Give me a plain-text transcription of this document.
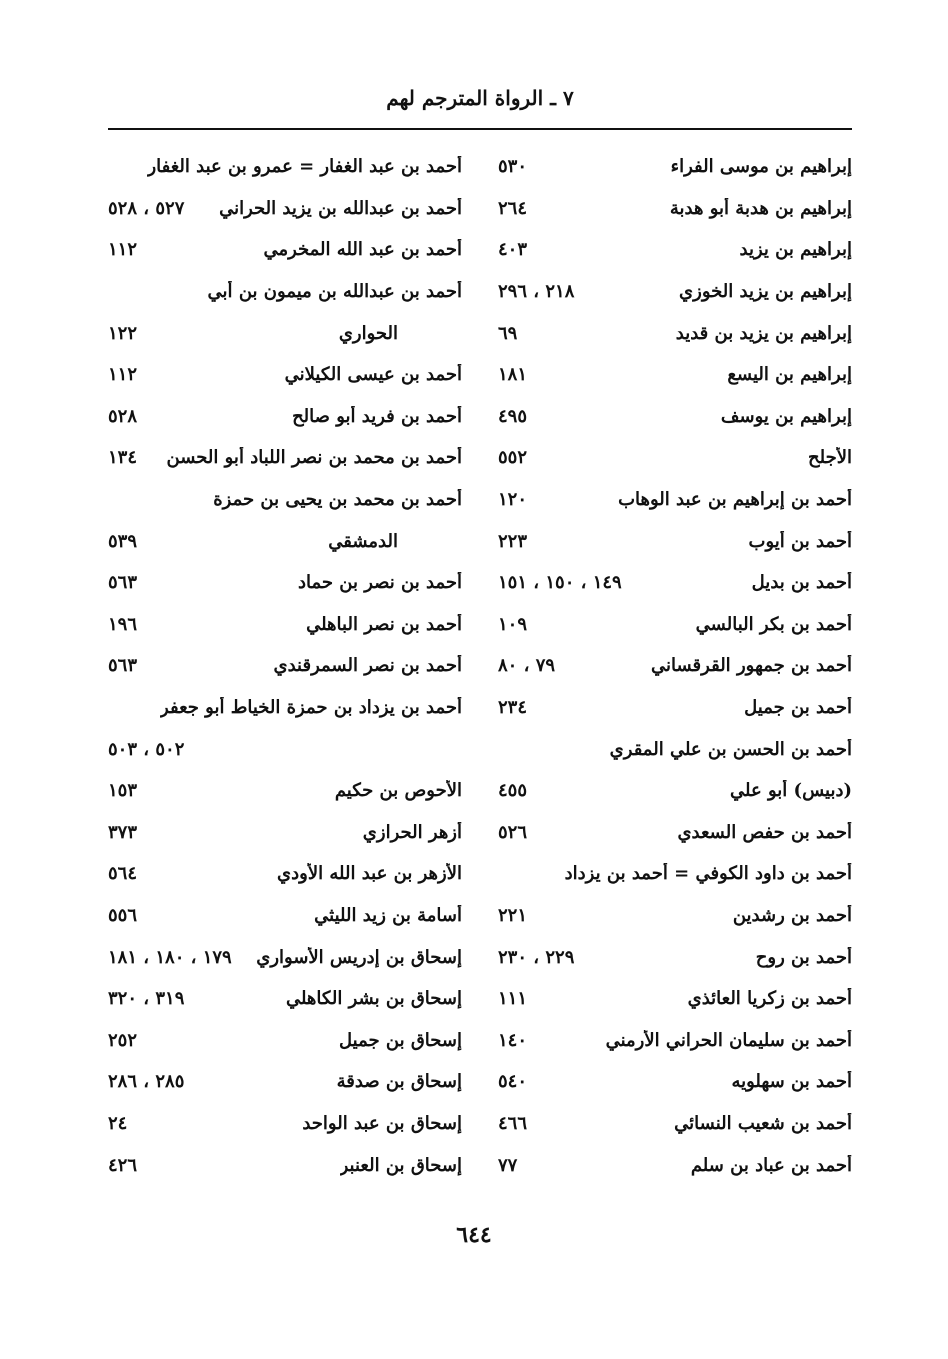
٧ ـ الرواة المترجم لهم
إبراهيم بن موسى الفراء
٥٣٠
إبراهيم بن هدبة أبو هدبة
٢٦٤
إبراهيم بن يزيد
٤٠٣
إبراهيم بن يزيد الخوزي
٢١٨ ، ٢٩٦
إبراهيم بن يزيد بن قديد
٦٩
إبراهيم بن اليسع
١٨١
إبراهيم بن يوسف
٤٩٥
الأجلح
٥٥٢
أحمد بن إبراهيم بن عبد الوهاب
١٢٠
أحمد بن أيوب
٢٢٣
أحمد بن بديل
١٤٩ ، ١٥٠ ، ١٥١
أحمد بن بكر البالسي
١٠٩
أحمد بن جمهور القرقساني
٧٩ ، ٨٠
أحمد بن جميل
٢٣٤
أحمد بن الحسن بن علي المقري
(دبيس) أبو علي
٤٥٥
أحمد بن حفص السعدي
٥٢٦
أحمد بن داود الكوفي = أحمد بن يزداد
أحمد بن رشدين
٢٢١
أحمد بن روح
٢٢٩ ، ٢٣٠
أحمد بن زكريا العائذي
١١١
أحمد بن سليمان الحراني الأرمني
١٤٠
أحمد بن سهلويه
٥٤٠
أحمد بن شعيب النسائي
٤٦٦
أحمد بن عباد بن سلم
٧٧
أحمد بن عبد الغفار = عمرو بن عبد الغفار
أحمد بن عبدالله بن يزيد الحراني
٥٢٧ ، ٥٢٨
أحمد بن عبد الله المخرمي
١١٢
أحمد بن عبدالله بن ميمون بن أبي
الحواري
١٢٢
أحمد بن عيسى الكيلاني
١١٢
أحمد بن فريد أبو صالح
٥٢٨
أحمد بن محمد بن نصر اللباد أبو الحسن
١٣٤
أحمد بن محمد بن يحيى بن حمزة
الدمشقي
٥٣٩
أحمد بن نصر بن حماد
٥٦٣
أحمد بن نصر الباهلي
١٩٦
أحمد بن نصر السمرقندي
٥٦٣
أحمد بن يزداد بن حمزة الخياط أبو جعفر
٥٠٢ ، ٥٠٣
الأحوص بن حكيم
١٥٣
أزهر الحرازي
٣٧٣
الأزهر بن عبد الله الأودي
٥٦٤
أسامة بن زيد الليثي
٥٥٦
إسحاق بن إدريس الأسواري
١٧٩ ، ١٨٠ ، ١٨١
إسحاق بن بشر الكاهلي
٣١٩ ، ٣٢٠
إسحاق بن جميل
٢٥٢
إسحاق بن صدقة
٢٨٥ ، ٢٨٦
إسحاق بن عبد الواحد
٢٤
إسحاق بن العنبر
٤٢٦
٦٤٤
